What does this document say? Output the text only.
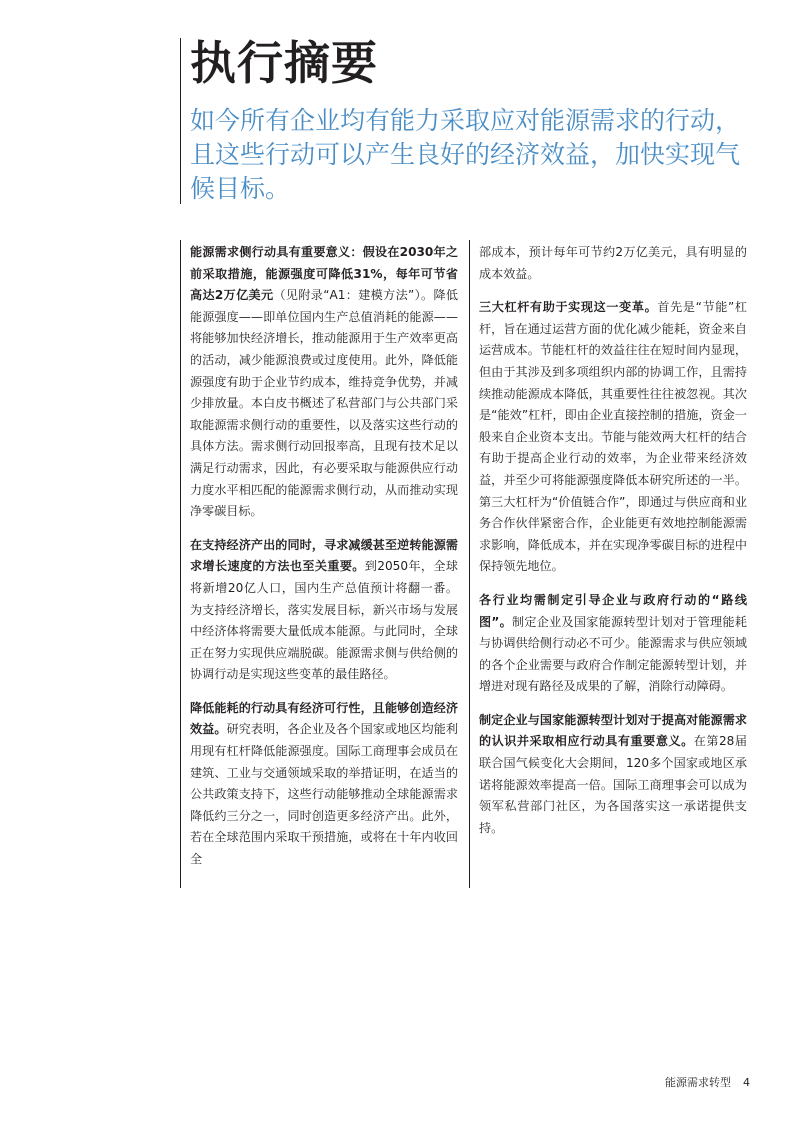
执行摘要

如今所有企业均有能力采取应对能源需求的行动，且这些行动可以产生良好的经济效益，加快实现气候目标。

能源需求侧行动具有重要意义：假设在2030年之前采取措施，能源强度可降低31%，每年可节省高达2万亿美元（见附录“A1：建模方法”）。降低能源强度——即单位国内生产总值消耗的能源——将能够加快经济增长，推动能源用于生产效率更高的活动，减少能源浪费或过度使用。此外，降低能源强度有助于企业节约成本，维持竞争优势，并减少排放量。本白皮书概述了私营部门与公共部门采取能源需求侧行动的重要性，以及落实这些行动的具体方法。需求侧行动回报率高，且现有技术足以满足行动需求，因此，有必要采取与能源供应行动力度水平相匹配的能源需求侧行动，从而推动实现净零碳目标。

在支持经济产出的同时，寻求减缓甚至逆转能源需求增长速度的方法也至关重要。到2050年，全球将新增20亿人口，国内生产总值预计将翻一番。为支持经济增长，落实发展目标，新兴市场与发展中经济体将需要大量低成本能源。与此同时，全球正在努力实现供应端脱碳。能源需求侧与供给侧的协调行动是实现这些变革的最佳路径。

降低能耗的行动具有经济可行性，且能够创造经济效益。研究表明，各企业及各个国家或地区均能利用现有杠杆降低能源强度。国际工商理事会成员在建筑、工业与交通领域采取的举措证明，在适当的公共政策支持下，这些行动能够推动全球能源需求降低约三分之一，同时创造更多经济产出。此外，若在全球范围内采取干预措施，或将在十年内收回全

部成本，预计每年可节约2万亿美元，具有明显的成本效益。

三大杠杆有助于实现这一变革。首先是“节能”杠杆，旨在通过运营方面的优化减少能耗，资金来自运营成本。节能杠杆的效益往往在短时间内显现，但由于其涉及到多项组织内部的协调工作，且需持续推动能源成本降低，其重要性往往被忽视。其次是“能效”杠杆，即由企业直接控制的措施，资金一般来自企业资本支出。节能与能效两大杠杆的结合有助于提高企业行动的效率，为企业带来经济效益，并至少可将能源强度降低本研究所述的一半。第三大杠杆为“价值链合作”，即通过与供应商和业务合作伙伴紧密合作，企业能更有效地控制能源需求影响，降低成本，并在实现净零碳目标的进程中保持领先地位。

各行业均需制定引导企业与政府行动的“路线图”。制定企业及国家能源转型计划对于管理能耗与协调供给侧行动必不可少。能源需求与供应领域的各个企业需要与政府合作制定能源转型计划，并增进对现有路径及成果的了解，消除行动障碍。

制定企业与国家能源转型计划对于提高对能源需求的认识并采取相应行动具有重要意义。在第28届联合国气候变化大会期间，120多个国家或地区承诺将能源效率提高一倍。国际工商理事会可以成为领军私营部门社区，为各国落实这一承诺提供支持。

能源需求转型 4
